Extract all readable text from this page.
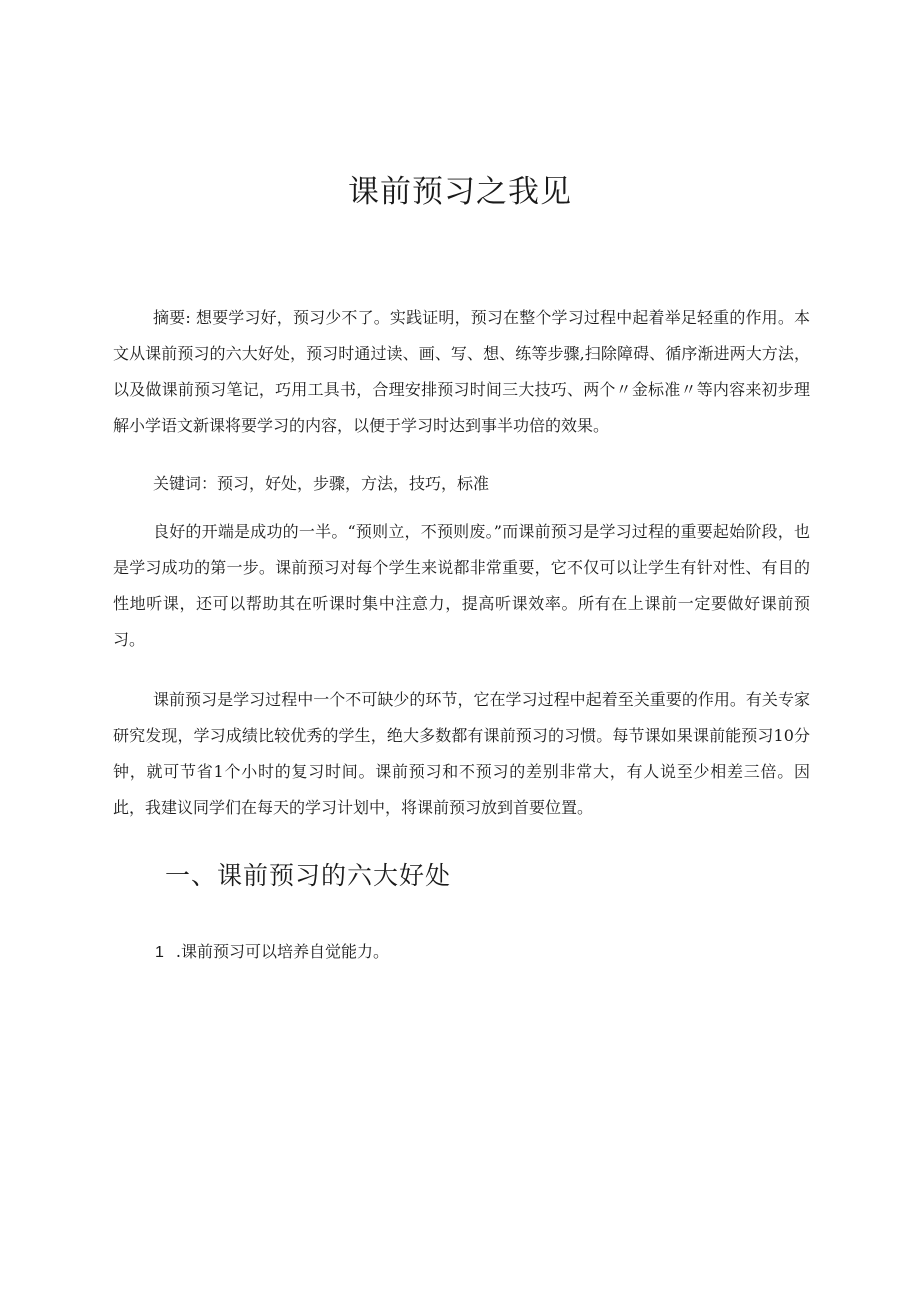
课前预习之我见

摘要: 想要学习好，预习少不了。实践证明，预习在整个学习过程中起着举足轻重的作用。本文从课前预习的六大好处，预习时通过读、画、写、想、练等步骤,扫除障碍、循序渐进两大方法，以及做课前预习笔记，巧用工具书，合理安排预习时间三大技巧、两个〃金标准〃等内容来初步理解小学语文新课将要学习的内容，以便于学习时达到事半功倍的效果。

关键词：预习，好处，步骤，方法，技巧，标准

良好的开端是成功的一半。“预则立，不预则废。”而课前预习是学习过程的重要起始阶段，也是学习成功的第一步。课前预习对每个学生来说都非常重要，它不仅可以让学生有针对性、有目的性地听课，还可以帮助其在听课时集中注意力，提高听课效率。所有在上课前一定要做好课前预习。

课前预习是学习过程中一个不可缺少的环节，它在学习过程中起着至关重要的作用。有关专家研究发现，学习成绩比较优秀的学生，绝大多数都有课前预习的习惯。每节课如果课前能预习10分钟，就可节省1个小时的复习时间。课前预习和不预习的差别非常大，有人说至少相差三倍。因此，我建议同学们在每天的学习计划中，将课前预习放到首要位置。

一、课前预习的六大好处

1 .课前预习可以培养自觉能力。
